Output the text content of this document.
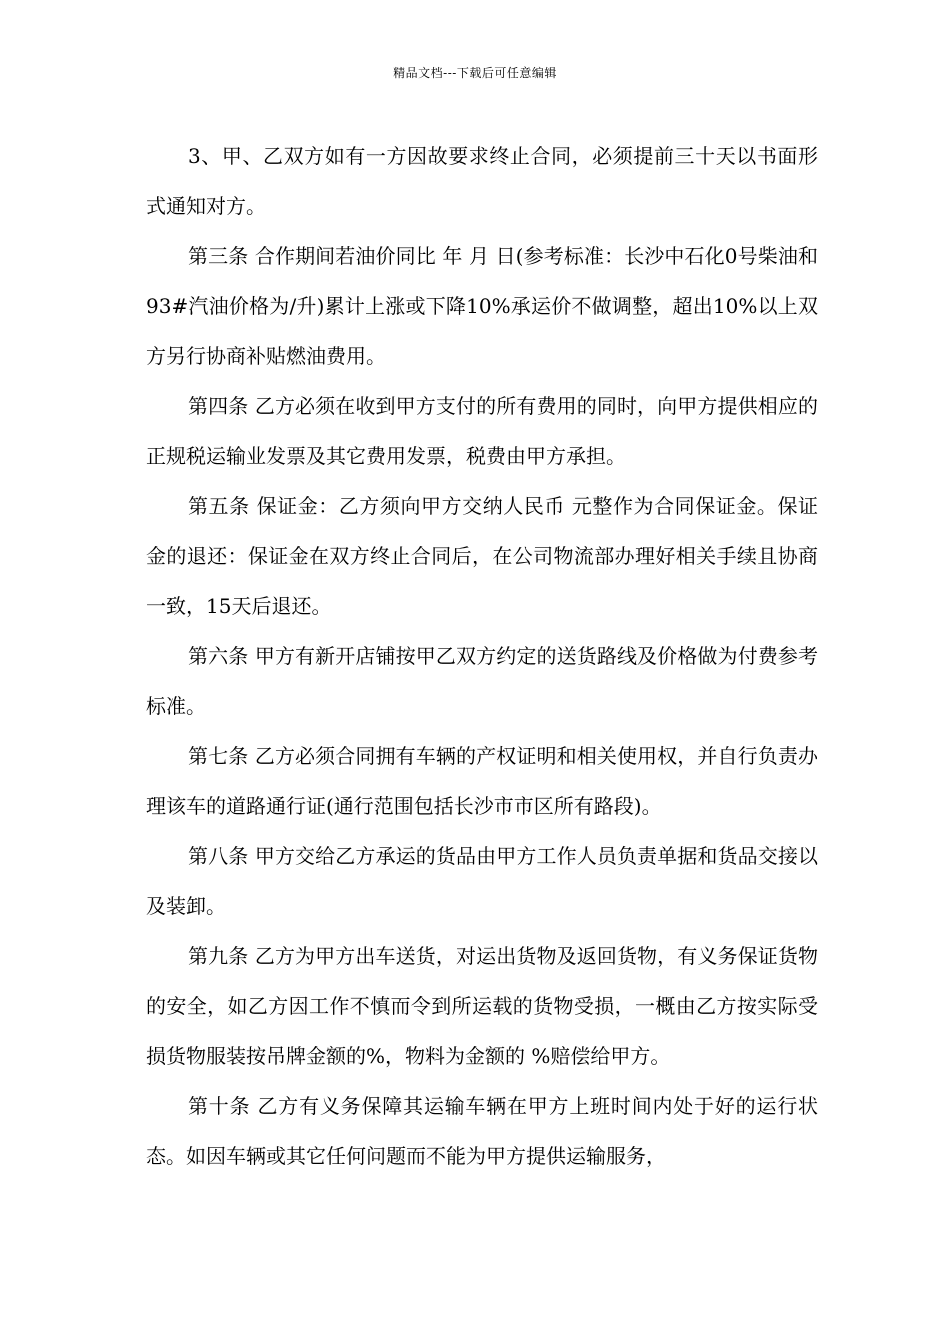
精品文档---下载后可任意编辑

3、甲、乙双方如有一方因故要求终止合同，必须提前三十天以书面形式通知对方。

第三条 合作期间若油价同比 年 月 日(参考标准：长沙中石化0号柴油和93#汽油价格为/升)累计上涨或下降10%承运价不做调整，超出10%以上双方另行协商补贴燃油费用。

第四条 乙方必须在收到甲方支付的所有费用的同时，向甲方提供相应的正规税运输业发票及其它费用发票，税费由甲方承担。

第五条 保证金：乙方须向甲方交纳人民币 元整作为合同保证金。保证金的退还：保证金在双方终止合同后，在公司物流部办理好相关手续且协商一致，15天后退还。

第六条 甲方有新开店铺按甲乙双方约定的送货路线及价格做为付费参考标准。

第七条 乙方必须合同拥有车辆的产权证明和相关使用权，并自行负责办理该车的道路通行证(通行范围包括长沙市市区所有路段)。

第八条 甲方交给乙方承运的货品由甲方工作人员负责单据和货品交接以及装卸。

第九条 乙方为甲方出车送货，对运出货物及返回货物，有义务保证货物的安全，如乙方因工作不慎而令到所运载的货物受损，一概由乙方按实际受损货物服装按吊牌金额的%，物料为金额的 %赔偿给甲方。

第十条 乙方有义务保障其运输车辆在甲方上班时间内处于好的运行状态。如因车辆或其它任何问题而不能为甲方提供运输服务，
